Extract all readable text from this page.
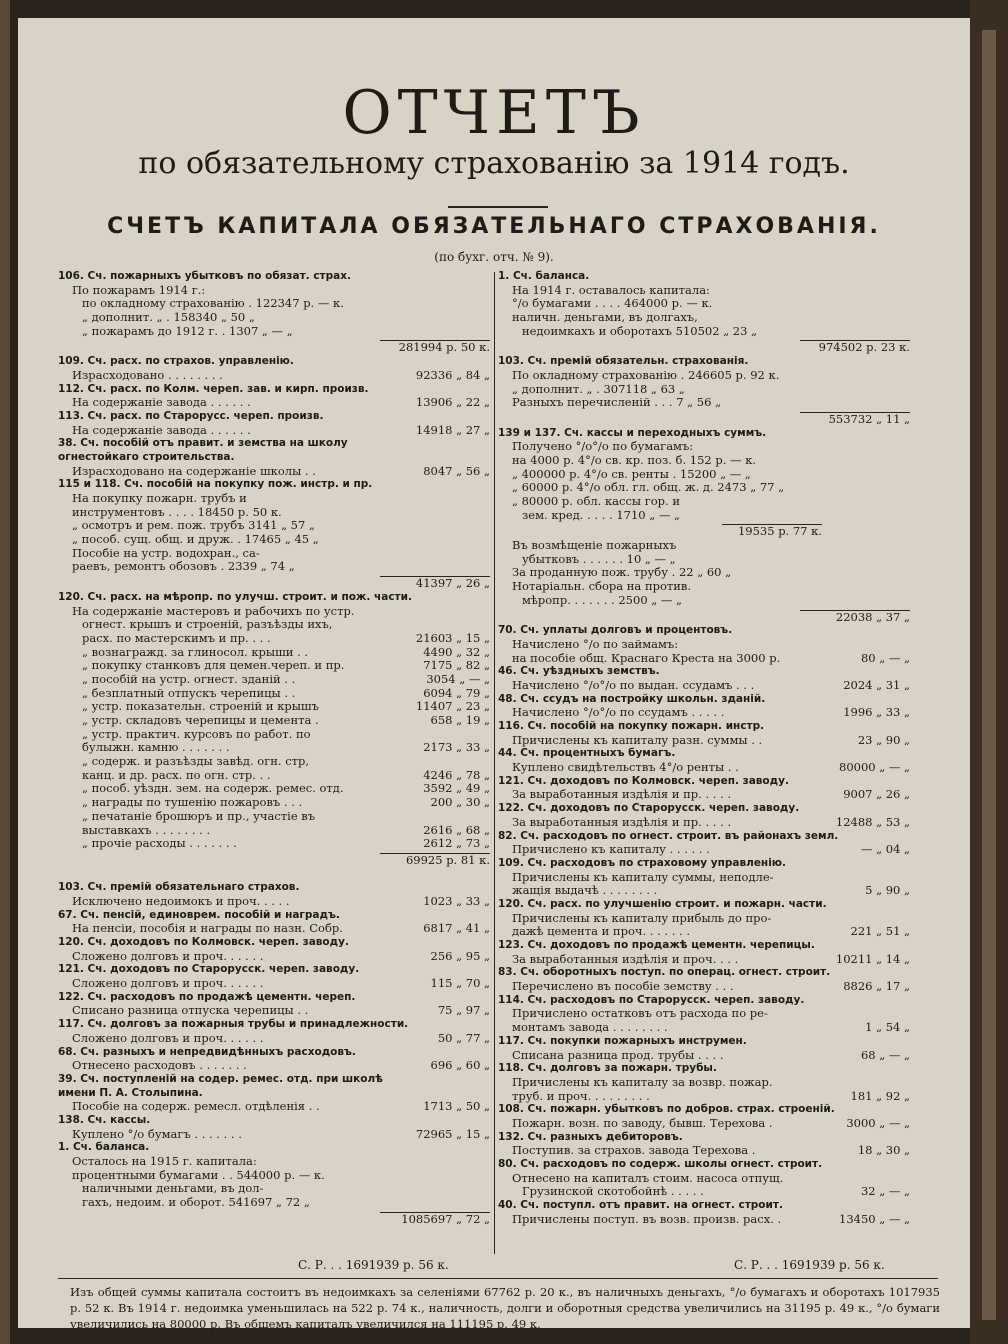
ОТЧЕТЪ
по обязательному страхованію за 1914 годъ.
СЧЕТЪ КАПИТАЛА ОБЯЗАТЕЛЬНАГО СТРАХОВАНІЯ.
(по бухг. отч. № 9).
106. Сч. пожарныхъ убытковъ по обязат. страх.
По пожарамъ 1914 г.:
по окладному страхованію . 122347 р. — к.
„ дополнит. „ . 158340 „ 50 „
„ пожарамъ до 1912 г. . 1307 „ — „
281994 р. 50 к.
109. Сч. расх. по страхов. управленію.
Израсходовано . . . . . . . .	92336 „ 84 „
112. Сч. расх. по Колм. череп. зав. и кирп. произв.
На содержаніе завода . . . . . .	13906 „ 22 „
113. Сч. расх. по Старорусс. череп. произв.
На содержаніе завода . . . . . .	14918 „ 27 „
38. Сч. пособій отъ правит. и земства на школу
огнестойкаго строительства.
Израсходовано на содержаніе школы . .	8047 „ 56 „
115 и 118. Сч. пособій на покупку пож. инстр. и пр.
На покупку пожарн. трубъ и
инструментовъ . . . . 18450 р. 50 к.
„ осмотръ и рем. пож. трубъ 3141 „ 57 „
„ пособ. сущ. общ. и друж. . 17465 „ 45 „
Пособіе на устр. водохран., са-
раевъ, ремонтъ обозовъ . 2339 „ 74 „
41397 „ 26 „
120. Сч. расх. на мѣропр. по улучш. строит. и пож. части.
На содержаніе мастеровъ и рабочихъ по устр.
огнест. крышъ и строеній, разъѣзды ихъ,
расх. по мастерскимъ и пр. . . .	21603 „ 15 „
„ вознагражд. за глиносол. крыши . .	4490 „ 32 „
„ покупку станковъ для цемен.череп. и пр.	7175 „ 82 „
„ пособій на устр. огнест. зданій . .	3054 „ — „
„ безплатный отпускъ черепицы . .	6094 „ 79 „
„ устр. показательн. строеній и крышъ	11407 „ 23 „
„ устр. складовъ черепицы и цемента .	658 „ 19 „
„ устр. практич. курсовъ по работ. по
булыжн. камню . . . . . . .	2173 „ 33 „
„ содерж. и разъѣзды завѣд. огн. стр,
канц. и др. расх. по огн. стр. . .	4246 „ 78 „
„ пособ. уѣздн. зем. на содерж. ремес. отд.	3592 „ 49 „
„ награды по тушенію пожаровъ . . .	200 „ 30 „
„ печатаніе брошюръ и пр., участіе въ
выставкахъ . . . . . . . .	2616 „ 68 „
„ прочіе расходы . . . . . . .	2612 „ 73 „
69925 р. 81 к.
103. Сч. премій обязательнаго страхов.
Исключено недоимокъ и проч. . . . .	1023 „ 33 „
67. Сч. пенсій, единоврем. пособій и наградъ.
На пенсіи, пособія и награды по назн. Собр.	6817 „ 41 „
120. Сч. доходовъ по Колмовск. череп. заводу.
Сложено долговъ и проч. . . . . .	256 „ 95 „
121. Сч. доходовъ по Старорусск. череп. заводу.
Сложено долговъ и проч. . . . . .	115 „ 70 „
122. Сч. расходовъ по продажѣ цементн. череп.
Списано разница отпуска черепицы . .	75 „ 97 „
117. Сч. долговъ за пожарныя трубы и принадлежности.
Сложено долговъ и проч. . . . . .	50 „ 77 „
68. Сч. разныхъ и непредвидѣнныхъ расходовъ.
Отнесено расходовъ . . . . . . .	696 „ 60 „
39. Сч. поступленій на содер. ремес. отд. при школѣ
имени П. А. Столыпина.
Пособіе на содерж. ремесл. отдѣленія . .	1713 „ 50 „
138. Сч. кассы.
Куплено °/о бумагъ . . . . . . .	72965 „ 15 „
1. Сч. баланса.
Осталось на 1915 г. капитала:
процентными бумагами . . 544000 р. — к.
наличными деньгами, въ дол-
гахъ, недоим. и оборот. 541697 „ 72 „
1085697 „ 72 „
1. Сч. баланса.
На 1914 г. оставалось капитала:
°/о бумагами . . . . 464000 р. — к.
наличн. деньгами, въ долгахъ,
недоимкахъ и оборотахъ 510502 „ 23 „
974502 р. 23 к.
103. Сч. премій обязательн. страхованія.
По окладному страхованію . 246605 р. 92 к.
„ дополнит. „ . 307118 „ 63 „
Разныхъ перечисленій . . . 7 „ 56 „
553732 „ 11 „
139 и 137. Сч. кассы и переходныхъ суммъ.
Получено °/о°/о по бумагамъ:
на 4000 р. 4°/о св. кр. поз. б. 152 р. — к.
„ 400000 р. 4°/о св. ренты . 15200 „ — „
„ 60000 р. 4°/о обл. гл. общ. ж. д. 2473 „ 77 „
„ 80000 р. обл. кассы гор. и
зем. кред. . . . . 1710 „ — „
19535 р. 77 к.
Въ возмѣщеніе пожарныхъ
убытковъ . . . . . . 10 „ — „
За проданную пож. трубу . 22 „ 60 „
Нотаріальн. сбора на против.
мѣропр. . . . . . . 2500 „ — „
22038 „ 37 „
70. Сч. уплаты долговъ и процентовъ.
Начислено °/о по займамъ:
на пособіе общ. Краснаго Креста на 3000 р.	80 „ — „
46. Сч. уѣздныхъ земствъ.
Начислено °/о°/о по выдан. ссудамъ . . .	2024 „ 31 „
48. Сч. ссудъ на постройку школьн. зданій.
Начислено °/о°/о по ссудамъ . . . . .	1996 „ 33 „
116. Сч. пособій на покупку пожарн. инстр.
Причислены къ капиталу разн. суммы . .	23 „ 90 „
44. Сч. процентныхъ бумагъ.
Куплено свидѣтельствъ 4°/о ренты . .	80000 „ — „
121. Сч. доходовъ по Колмовск. череп. заводу.
За выработанныя издѣлія и пр. . . . .	9007 „ 26 „
122. Сч. доходовъ по Старорусск. череп. заводу.
За выработанныя издѣлія и пр. . . . .	12488 „ 53 „
82. Сч. расходовъ по огнест. строит. въ районахъ земл.
Причислено къ капиталу . . . . . .	— „ 04 „
109. Сч. расходовъ по страховому управленію.
Причислены къ капиталу суммы, неподле-
жащія выдачѣ . . . . . . . .	5 „ 90 „
120. Сч. расх. по улучшенію строит. и пожарн. части.
Причислены къ капиталу прибыль до про-
дажѣ цемента и проч. . . . . . .	221 „ 51 „
123. Сч. доходовъ по продажѣ цементн. черепицы.
За выработанныя издѣлія и проч. . . .	10211 „ 14 „
83. Сч. оборотныхъ поступ. по операц. огнест. строит.
Перечислено въ пособіе земству . . .	8826 „ 17 „
114. Сч. расходовъ по Старорусск. череп. заводу.
Причислено остатковъ отъ расхода по ре-
монтамъ завода . . . . . . . .	1 „ 54 „
117. Сч. покупки пожарныхъ инструмен.
Списана разница прод. трубы . . . .	68 „ — „
118. Сч. долговъ за пожарн. трубы.
Причислены къ капиталу за возвр. пожар.
труб. и проч. . . . . . . . .	181 „ 92 „
108. Сч. пожарн. убытковъ по добров. страх. строеній.
Пожарн. возн. по заводу, бывш. Терехова .	3000 „ — „
132. Сч. разныхъ дебиторовъ.
Поступив. за страхов. завода Терехова .	18 „ 30 „
80. Сч. расходовъ по содерж. школы огнест. строит.
Отнесено на капиталъ стоим. насоса отпущ.
Грузинской скотобойнѣ . . . . .	32 „ — „
40. Сч. поступл. отъ правит. на огнест. строит.
Причислены поступ. въ возв. произв. расх. .	13450 „ — „
С. Р. . . 1691939 р. 56 к.	С. Р. . . 1691939 р. 56 к.
Изъ общей суммы капитала состоитъ въ недоимкахъ за селеніями 67762 р. 20 к., въ наличныхъ деньгахъ, °/о бумагахъ и оборотахъ 1017935 р. 52 к. Въ 1914 г. недоимка уменьшилась на 522 р. 74 к., наличность, долги и оборотныя средства увеличились на 31195 р. 49 к., °/о бумаги увеличились на 80000 р. Въ общемъ капиталъ увеличился на 111195 р. 49 к.
